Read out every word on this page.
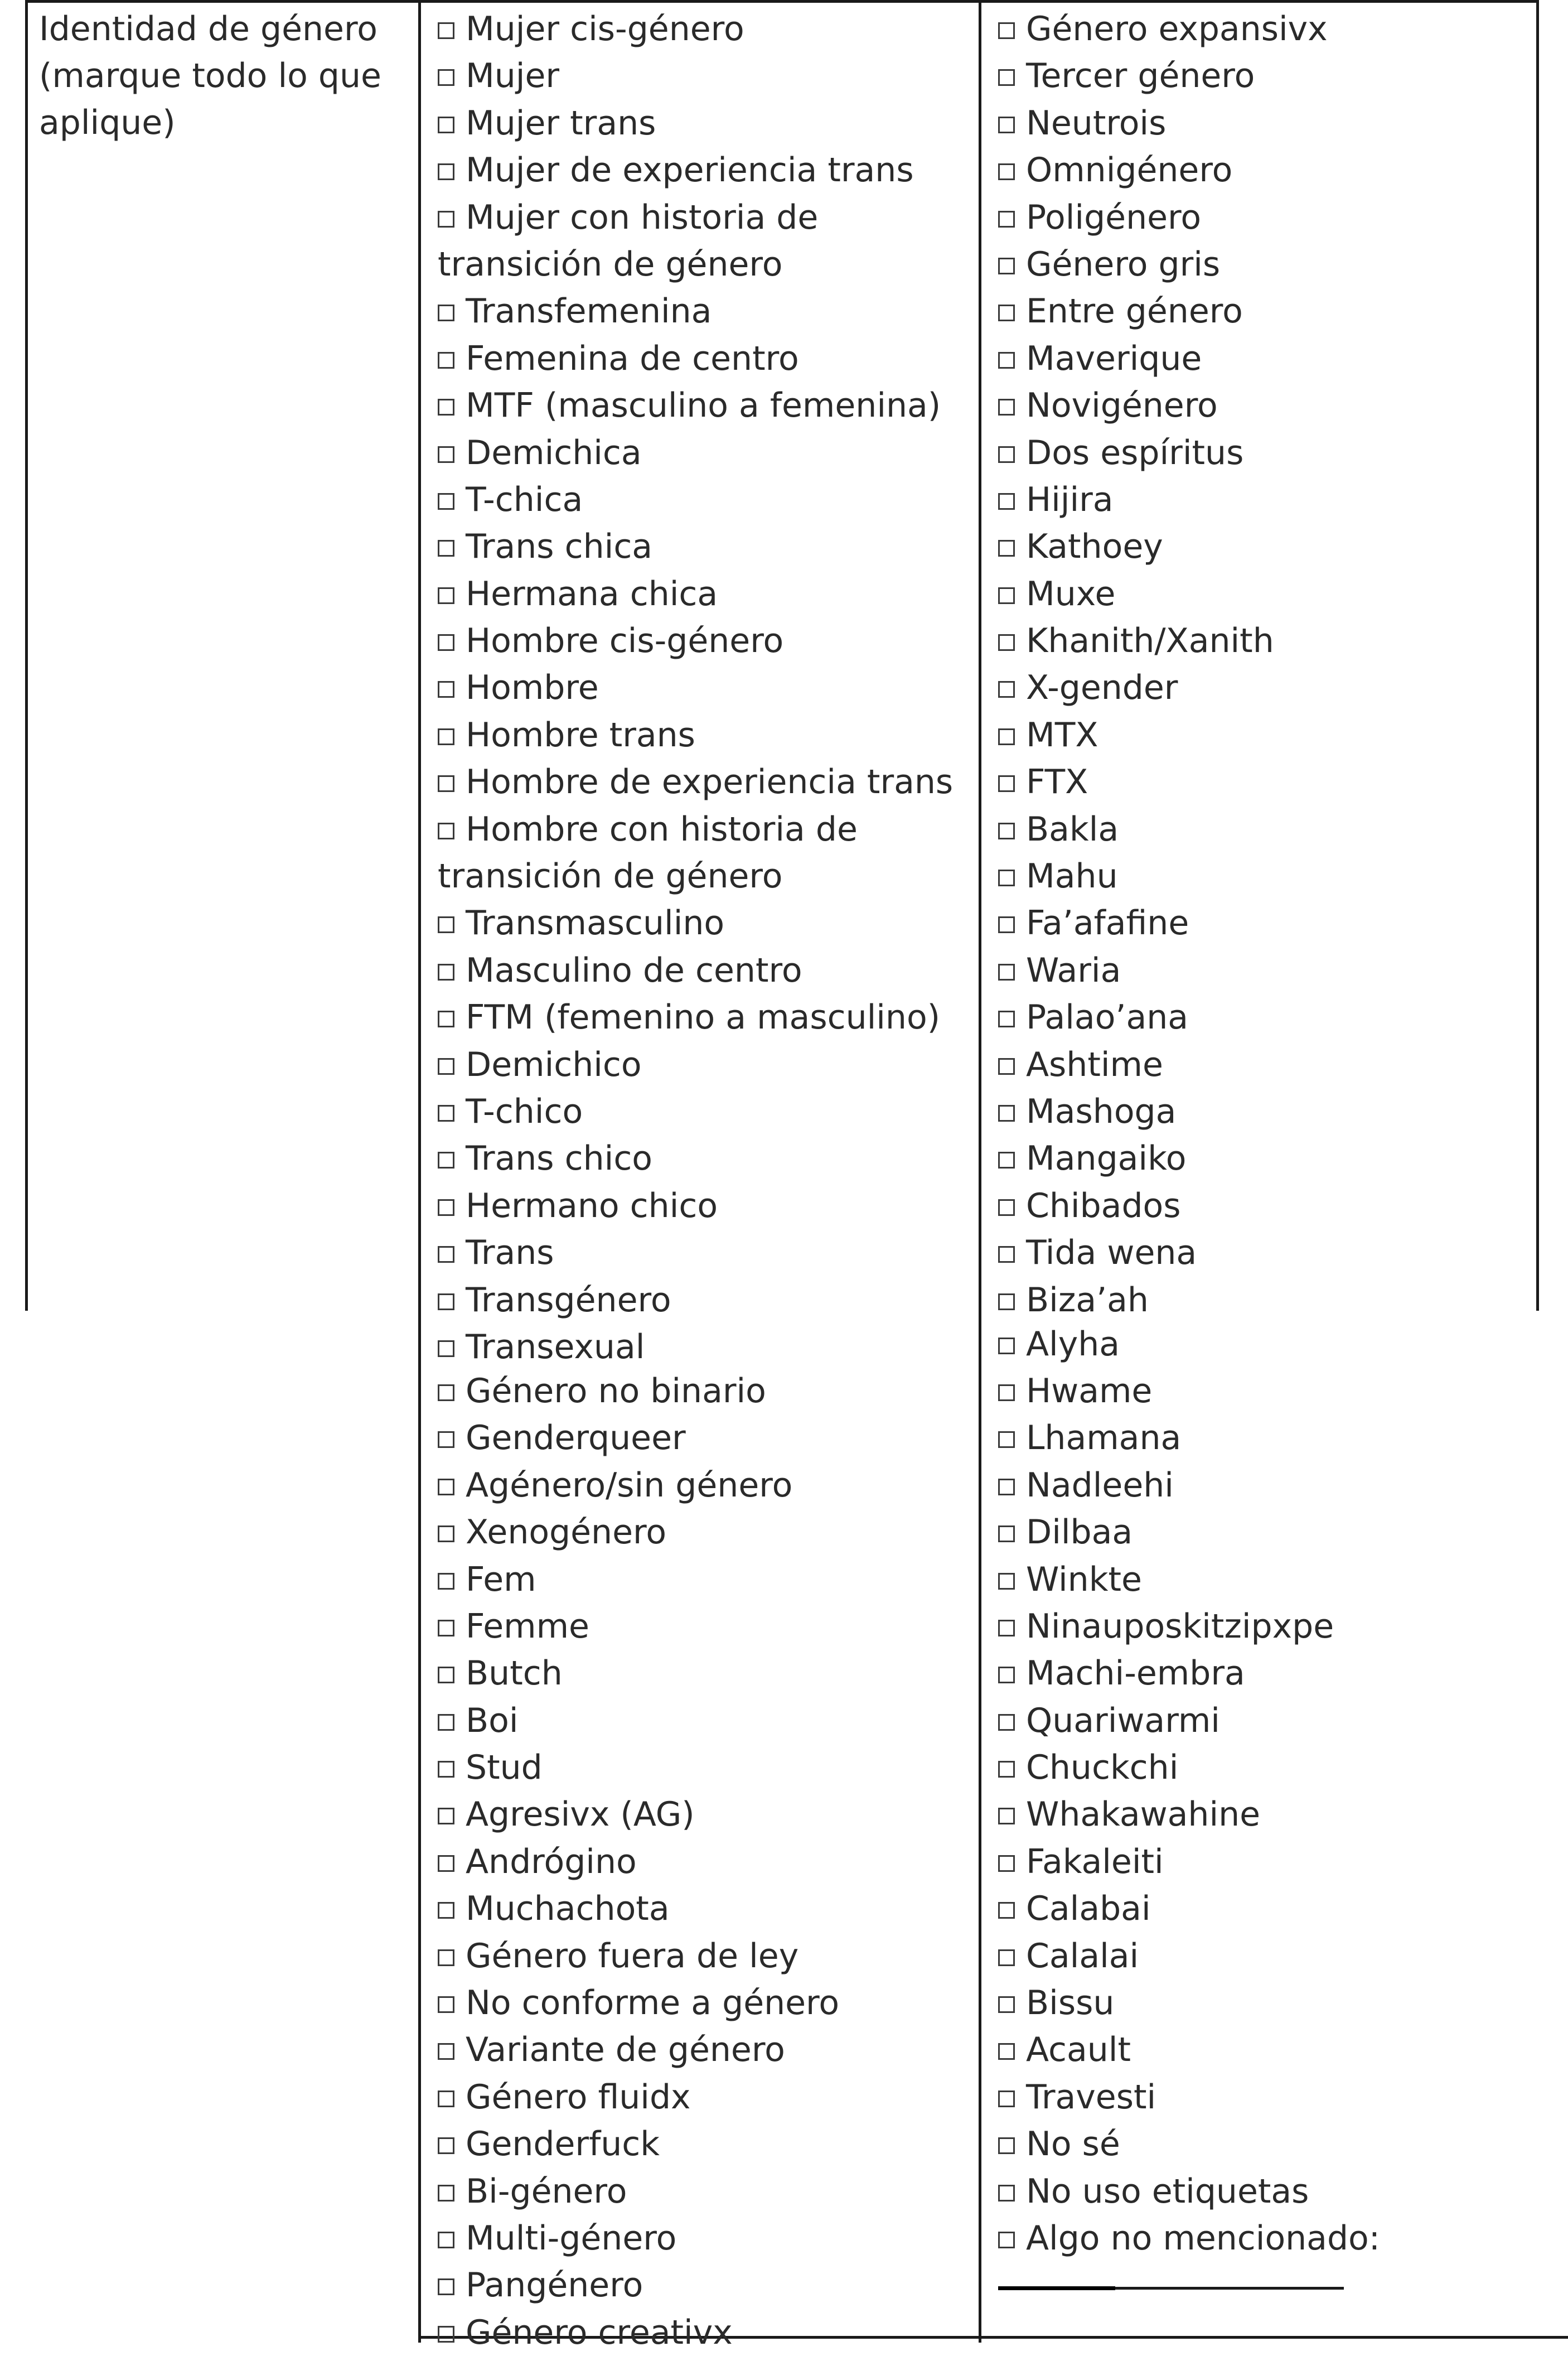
Identidad de género (marque todo lo que aplique)
Mujer cis-género
Mujer
Mujer trans
Mujer de experiencia trans
Mujer con historia de transición de género
Transfemenina
Femenina de centro
MTF (masculino a femenina)
Demichica
T-chica
Trans chica
Hermana chica
Hombre cis-género
Hombre
Hombre trans
Hombre de experiencia trans
Hombre con historia de transición de género
Transmasculino
Masculino de centro
FTM (femenino a masculino)
Demichico
T-chico
Trans chico
Hermano chico
Trans
Transgénero
Transexual
Género no binario
Genderqueer
Agénero/sin género
Xenogénero
Fem
Femme
Butch
Boi
Stud
Agresivx (AG)
Andrógino
Muchachota
Género fuera de ley
No conforme a género
Variante de género
Género fluidx
Genderfuck
Bi-género
Multi-género
Pangénero
Género creativx
Género expansivx
Tercer género
Neutrois
Omnigénero
Poligénero
Género gris
Entre género
Maverique
Novigénero
Dos espíritus
Hijira
Kathoey
Muxe
Khanith/Xanith
X-gender
MTX
FTX
Bakla
Mahu
Fa’afafine
Waria
Palao’ana
Ashtime
Mashoga
Mangaiko
Chibados
Tida wena
Biza’ah
Alyha
Hwame
Lhamana
Nadleehi
Dilbaa
Winkte
Ninauposkitzipxpe
Machi-embra
Quariwarmi
Chuckchi
Whakawahine
Fakaleiti
Calabai
Calalai
Bissu
Acault
Travesti
No sé
No uso etiquetas
Algo no mencionado:
